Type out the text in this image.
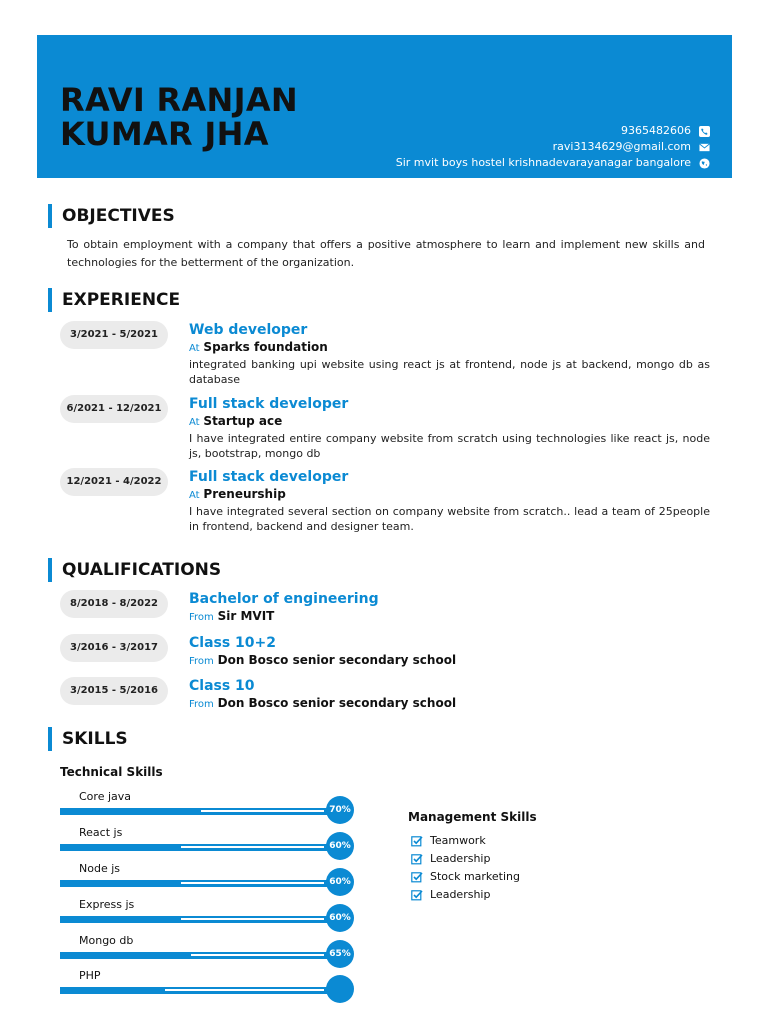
RAVI RANJAN
KUMAR JHA	9365482606
ravi3134629@gmail.com
Sir mvit boys hostel krishnadevarayanagar bangalore
OBJECTIVES
To obtain employment with a company that offers a positive atmosphere to learn and implement new skills and technologies for the betterment of the organization.
EXPERIENCE
3/2021 - 5/2021	Web developer
At Sparks foundation
integrated banking upi website using react js at frontend, node js at backend, mongo db as database
6/2021 - 12/2021	Full stack developer
At Startup ace
I have integrated entire company website from scratch using technologies like react js, node js, bootstrap, mongo db
12/2021 - 4/2022	Full stack developer
At Preneurship
I have integrated several section on company website from scratch.. lead a team of 25people in frontend, backend and designer team.
QUALIFICATIONS
8/2018 - 8/2022	Bachelor of engineering
From Sir MVIT
3/2016 - 3/2017	Class 10+2
From Don Bosco senior secondary school
3/2015 - 5/2016	Class 10
From Don Bosco senior secondary school
SKILLS
Technical Skills
Core java
70%
React js
60%
Node js
60%
Express js
60%
Mongo db
65%
PHP
Management Skills
Teamwork
Leadership
Stock marketing
Leadership
